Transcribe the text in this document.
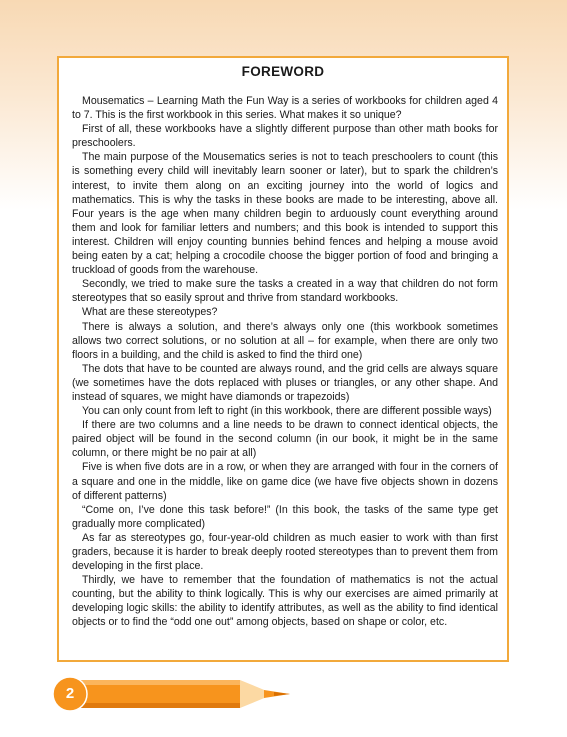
FOREWORD

Mousematics – Learning Math the Fun Way is a series of workbooks for children aged 4 to 7. This is the first workbook in this series. What makes it so unique?

First of all, these workbooks have a slightly different purpose than other math books for preschoolers.

The main purpose of the Mousematics series is not to teach preschoolers to count (this is something every child will inevitably learn sooner or later), but to spark the children’s interest, to invite them along on an exciting journey into the world of logics and mathematics. This is why the tasks in these books are made to be interesting, above all. Four years is the age when many children begin to arduously count everything around them and look for familiar letters and numbers; and this book is intended to support this interest. Children will enjoy counting bunnies behind fences and helping a mouse avoid being eaten by a cat; helping a crocodile choose the bigger portion of food and bringing a truckload of goods from the warehouse.

Secondly, we tried to make sure the tasks a created in a way that children do not form stereotypes that so easily sprout and thrive from standard workbooks.

What are these stereotypes?

There is always a solution, and there’s always only one (this workbook sometimes allows two correct solutions, or no solution at all – for example, when there are only two floors in a building, and the child is asked to find the third one)

The dots that have to be counted are always round, and the grid cells are always square (we sometimes have the dots replaced with pluses or triangles, or any other shape. And instead of squares, we might have diamonds or trapezoids)

You can only count from left to right (in this workbook, there are different possible ways)

If there are two columns and a line needs to be drawn to connect identical objects, the paired object will be found in the second column (in our book, it might be in the same column, or there might be no pair at all)

Five is when five dots are in a row, or when they are arranged with four in the corners of a square and one in the middle, like on game dice (we have five objects shown in dozens of different patterns)

“Come on, I’ve done this task before!” (In this book, the tasks of the same type get gradually more complicated)

As far as stereotypes go, four-year-old children as much easier to work with than first graders, because it is harder to break deeply rooted stereotypes than to prevent them from developing in the first place.

Thirdly, we have to remember that the foundation of mathematics is not the actual counting, but the ability to think logically. This is why our exercises are aimed primarily at developing logic skills: the ability to identify attributes, as well as the ability to find identical objects or to find the “odd one out” among objects, based on shape or color, etc.

2
